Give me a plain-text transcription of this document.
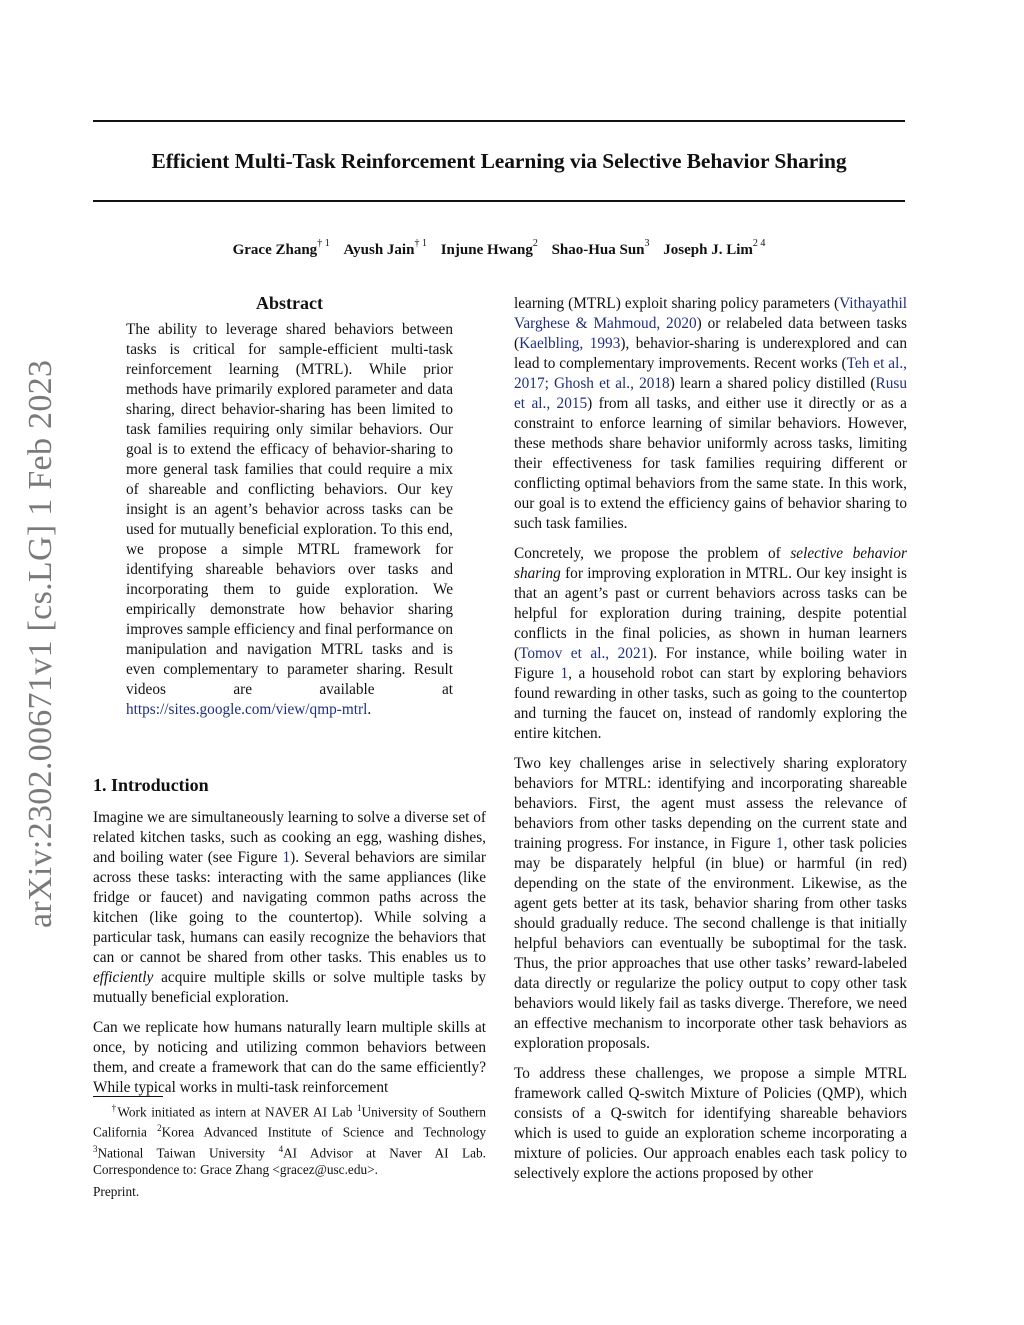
arXiv:2302.00671v1 [cs.LG] 1 Feb 2023
Efficient Multi-Task Reinforcement Learning via Selective Behavior Sharing
Grace Zhang$^{\dagger 1}$ Ayush Jain$^{\dagger 1}$ Injune Hwang$^2$ Shao-Hua Sun$^3$ Joseph J. Lim$^{2 4}$
Abstract

The ability to leverage shared behaviors between tasks is critical for sample-efficient multi-task reinforcement learning (MTRL). While prior methods have primarily explored parameter and data sharing, direct behavior-sharing has been limited to task families requiring only similar behaviors. Our goal is to extend the efficacy of behavior-sharing to more general task families that could require a mix of shareable and conflicting behaviors. Our key insight is an agent’s behavior across tasks can be used for mutually beneficial exploration. To this end, we propose a simple MTRL framework for identifying shareable behaviors over tasks and incorporating them to guide exploration. We empirically demonstrate how behavior sharing improves sample efficiency and final performance on manipulation and navigation MTRL tasks and is even complementary to parameter sharing. Result videos are available at https://sites.google.com/view/qmp-mtrl.

1. Introduction

Imagine we are simultaneously learning to solve a diverse set of related kitchen tasks, such as cooking an egg, washing dishes, and boiling water (see Figure 1). Several behaviors are similar across these tasks: interacting with the same appliances (like fridge or faucet) and navigating common paths across the kitchen (like going to the countertop). While solving a particular task, humans can easily recognize the behaviors that can or cannot be shared from other tasks. This enables us to efficiently acquire multiple skills or solve multiple tasks by mutually beneficial exploration.

Can we replicate how humans naturally learn multiple skills at once, by noticing and utilizing common behaviors between them, and create a framework that can do the same efficiently? While typical works in multi-task reinforcement

learning (MTRL) exploit sharing policy parameters (Vithayathil Varghese & Mahmoud, 2020) or relabeled data between tasks (Kaelbling, 1993), behavior-sharing is underexplored and can lead to complementary improvements. Recent works (Teh et al., 2017; Ghosh et al., 2018) learn a shared policy distilled (Rusu et al., 2015) from all tasks, and either use it directly or as a constraint to enforce learning of similar behaviors. However, these methods share behavior uniformly across tasks, limiting their effectiveness for task families requiring different or conflicting optimal behaviors from the same state. In this work, our goal is to extend the efficiency gains of behavior sharing to such task families.

Concretely, we propose the problem of selective behavior sharing for improving exploration in MTRL. Our key insight is that an agent’s past or current behaviors across tasks can be helpful for exploration during training, despite potential conflicts in the final policies, as shown in human learners (Tomov et al., 2021). For instance, while boiling water in Figure 1, a household robot can start by exploring behaviors found rewarding in other tasks, such as going to the countertop and turning the faucet on, instead of randomly exploring the entire kitchen.

Two key challenges arise in selectively sharing exploratory behaviors for MTRL: identifying and incorporating shareable behaviors. First, the agent must assess the relevance of behaviors from other tasks depending on the current state and training progress. For instance, in Figure 1, other task policies may be disparately helpful (in blue) or harmful (in red) depending on the state of the environment. Likewise, as the agent gets better at its task, behavior sharing from other tasks should gradually reduce. The second challenge is that initially helpful behaviors can eventually be suboptimal for the task. Thus, the prior approaches that use other tasks’ reward-labeled data directly or regularize the policy output to copy other task behaviors would likely fail as tasks diverge. Therefore, we need an effective mechanism to incorporate other task behaviors as exploration proposals.

To address these challenges, we propose a simple MTRL framework called Q-switch Mixture of Policies (QMP), which consists of a Q-switch for identifying shareable behaviors which is used to guide an exploration scheme incorporating a mixture of policies. Our approach enables each task policy to selectively explore the actions proposed by other

†Work initiated as intern at NAVER AI Lab $^1$University of Southern California $^2$Korea Advanced Institute of Science and Technology $^3$National Taiwan University $^4$AI Advisor at Naver AI Lab. Correspondence to: Grace Zhang <gracez@usc.edu>.
Preprint.
